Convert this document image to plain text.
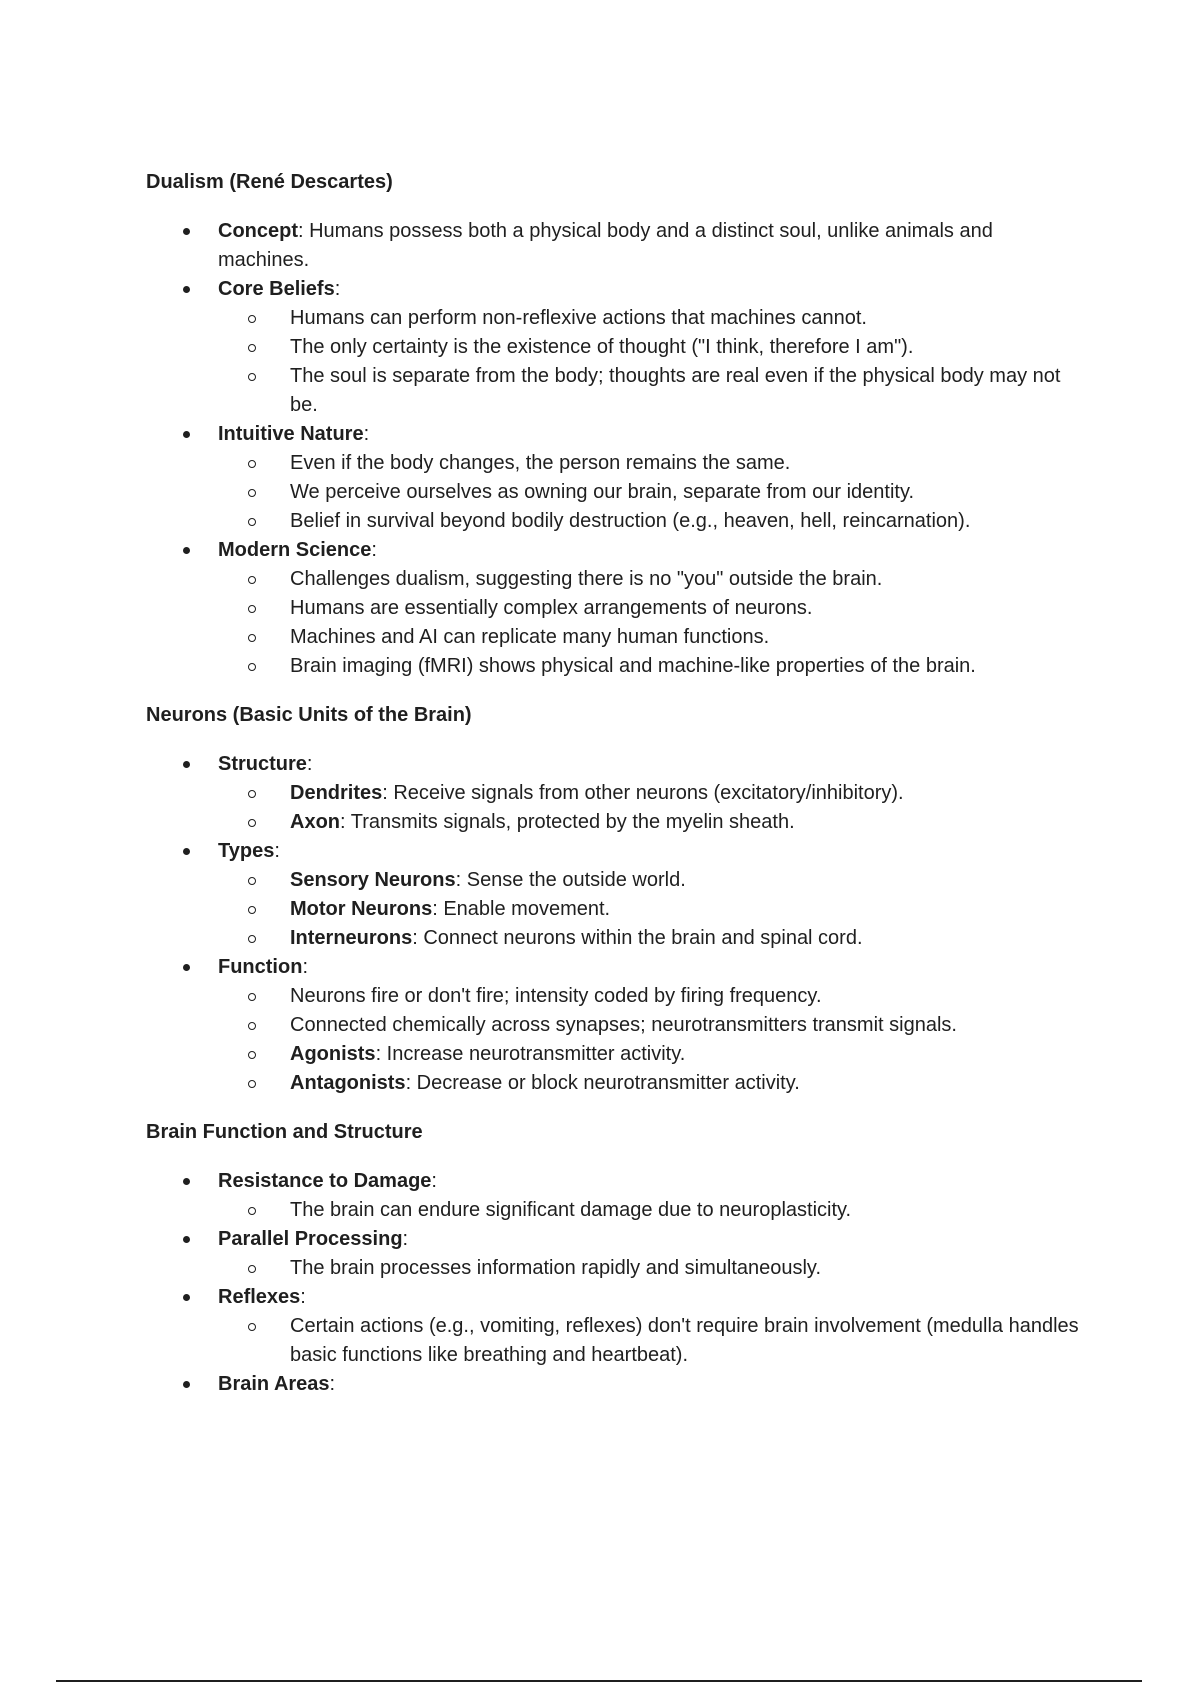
Dualism (René Descartes)
Concept: Humans possess both a physical body and a distinct soul, unlike animals and machines.
Core Beliefs:
Humans can perform non-reflexive actions that machines cannot.
The only certainty is the existence of thought ("I think, therefore I am").
The soul is separate from the body; thoughts are real even if the physical body may not be.
Intuitive Nature:
Even if the body changes, the person remains the same.
We perceive ourselves as owning our brain, separate from our identity.
Belief in survival beyond bodily destruction (e.g., heaven, hell, reincarnation).
Modern Science:
Challenges dualism, suggesting there is no "you" outside the brain.
Humans are essentially complex arrangements of neurons.
Machines and AI can replicate many human functions.
Brain imaging (fMRI) shows physical and machine-like properties of the brain.
Neurons (Basic Units of the Brain)
Structure:
Dendrites: Receive signals from other neurons (excitatory/inhibitory).
Axon: Transmits signals, protected by the myelin sheath.
Types:
Sensory Neurons: Sense the outside world.
Motor Neurons: Enable movement.
Interneurons: Connect neurons within the brain and spinal cord.
Function:
Neurons fire or don't fire; intensity coded by firing frequency.
Connected chemically across synapses; neurotransmitters transmit signals.
Agonists: Increase neurotransmitter activity.
Antagonists: Decrease or block neurotransmitter activity.
Brain Function and Structure
Resistance to Damage:
The brain can endure significant damage due to neuroplasticity.
Parallel Processing:
The brain processes information rapidly and simultaneously.
Reflexes:
Certain actions (e.g., vomiting, reflexes) don't require brain involvement (medulla handles basic functions like breathing and heartbeat).
Brain Areas:
